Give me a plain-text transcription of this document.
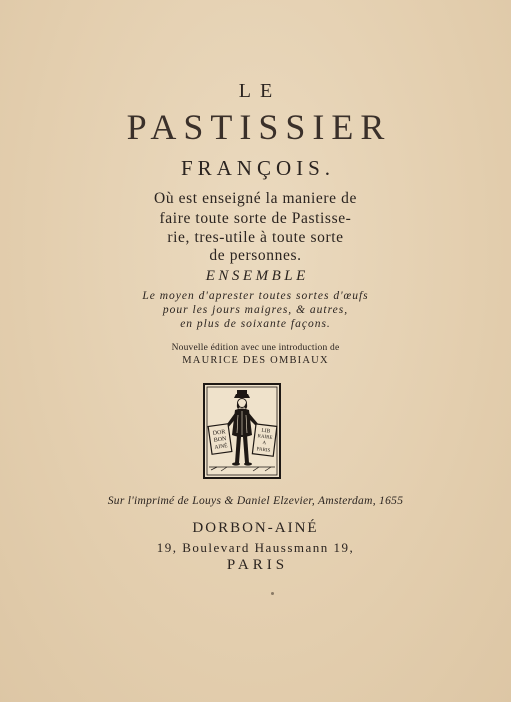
LE

PASTISSIER

FRANÇOIS.

Où est enseigné la maniere de

faire toute sorte de Pastisse-

rie, tres-utile à toute sorte

de personnes.

ENSEMBLE

Le moyen d'aprester toutes sortes d'œufs

pour les jours maigres, & autres,

en plus de soixante façons.

Nouvelle édition avec une introduction de

MAURICE DES OMBIAUX

DOR
BON
AINÉ
LIB
RAIRE
A
PARIS

Sur l'imprimé de Louys & Daniel Elzevier, Amsterdam, 1655

DORBON-AINÉ

19, Boulevard Haussmann 19,

PARIS
